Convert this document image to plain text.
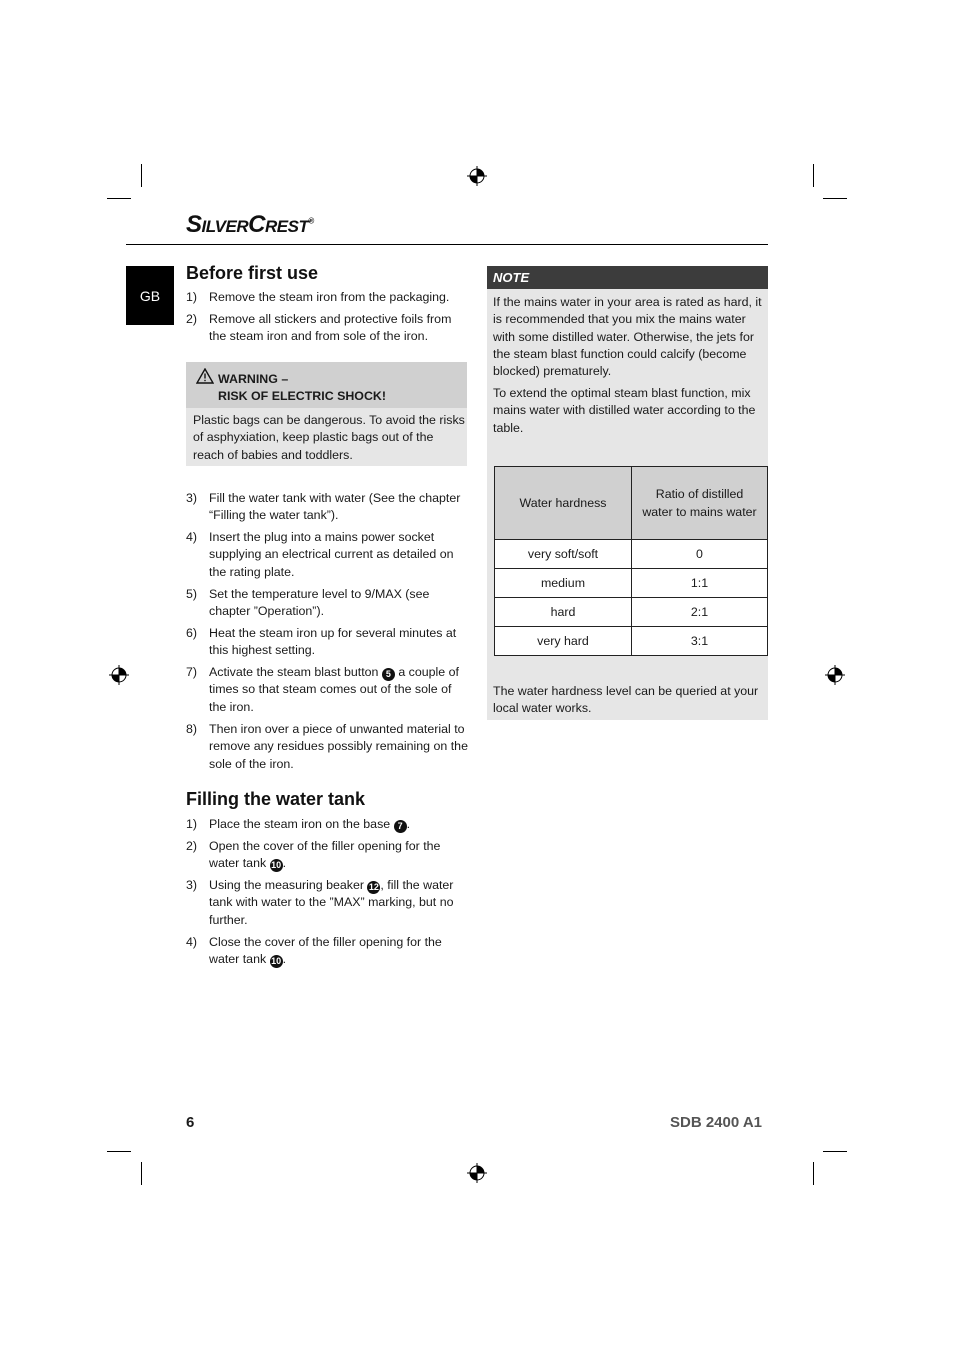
SILVERCREST®
GB
Before first use
1) Remove the steam iron from the packaging.
2) Remove all stickers and protective foils from the steam iron and from sole of the iron.
WARNING –
RISK OF ELECTRIC SHOCK!
Plastic bags can be dangerous. To avoid the risks of asphyxiation, keep plastic bags out of the reach of babies and toddlers.
3) Fill the water tank with water (See the chapter “Filling the water tank”).
4) Insert the plug into a mains power socket supplying an electrical current as detailed on the rating plate.
5) Set the temperature level to 9/MAX (see chapter ”Operation”).
6) Heat the steam iron up for several minutes at this highest setting.
7) Activate the steam blast button 5 a couple of times so that steam comes out of the sole of the iron.
8) Then iron over a piece of unwanted material to remove any residues possibly remaining on the sole of the iron.
Filling the water tank
1) Place the steam iron on the base 7 .
2) Open the cover of the filler opening for the water tank 10 .
3) Using the measuring beaker 12 , fill the water tank with water to the ”MAX” marking, but no further.
4) Close the cover of the filler opening for the water tank 10 .
NOTE
If the mains water in your area is rated as hard, it is recommended that you mix the mains water with some distilled water. Otherwise, the jets for the steam blast function could calcify (become blocked) prematurely.
To extend the optimal steam blast function, mix mains water with distilled water according to the table.
The water hardness level can be queried at your local water works.
Water hardness	Ratio of distilled
water to mains water

very soft/soft	0
medium	1:1
hard	2:1
very hard	3:1
6	SDB 2400 A1
